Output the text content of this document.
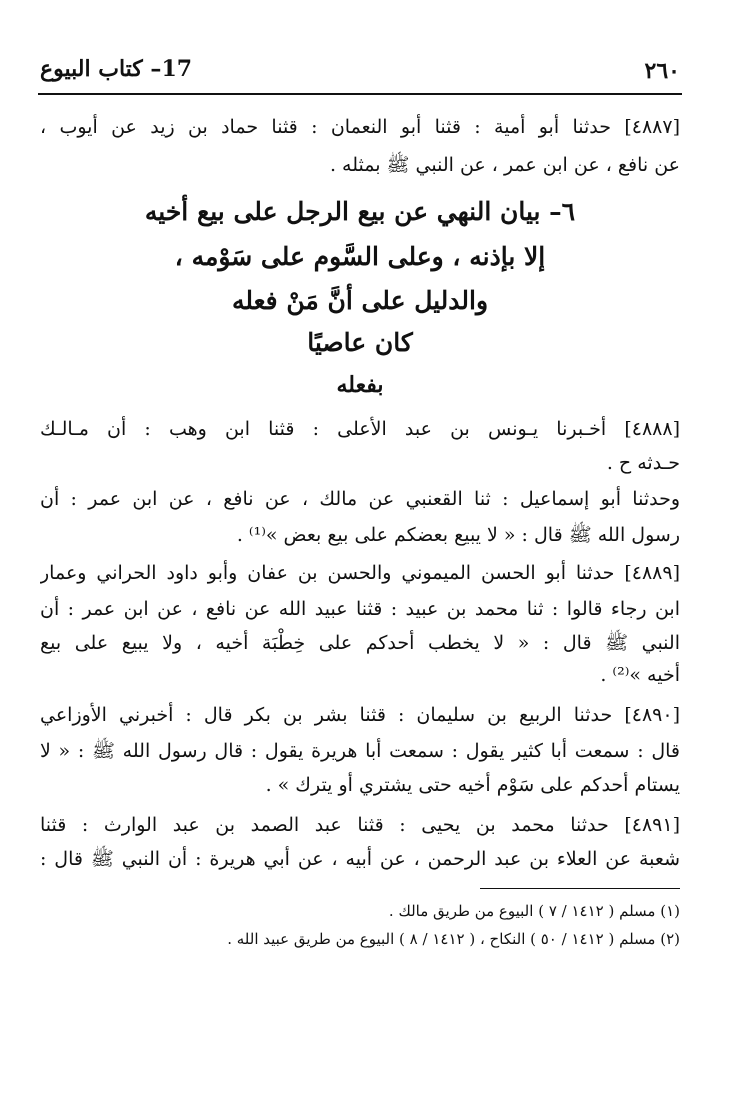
٢٦٠
17– كتاب البيوع
[٤٨٨٧] حدثنا أبو أمية : قثنا أبو النعمان : قثنا حماد بن زيد عن أيوب ،
عن نافع ، عن ابن عمر ، عن النبي ﷺ بمثله .
٦– بيان النهي عن بيع الرجل على بيع أخيه
إلا بإذنه ، وعلى السَّوم على سَوْمه ،
والدليل على أنَّ مَنْ فعله
كان عاصيًا
بفعله
[٤٨٨٨] أخـبرنا يـونس بن عبد الأعلى : قثنا ابن وهب : أن مـالـك
حـدثه ح .
وحدثنا أبو إسماعيل : ثنا القعنبي عن مالك ، عن نافع ، عن ابن عمر : أن
رسول الله ﷺ قال : « لا يبيع بعضكم على بيع بعض »⁽¹⁾ .
[٤٨٨٩] حدثنا أبو الحسن الميموني والحسن بن عفان وأبو داود الحراني وعمار
ابن رجاء قالوا : ثنا محمد بن عبيد : قثنا عبيد الله عن نافع ، عن ابن عمر : أن
النبي ﷺ قال : « لا يخطب أحدكم على خِطْبَة أخيه ، ولا يبيع على بيع
أخيه »⁽²⁾ .
[٤٨٩٠] حدثنا الربيع بن سليمان : قثنا بشر بن بكر قال : أخبرني الأوزاعي
قال : سمعت أبا كثير يقول : سمعت أبا هريرة يقول : قال رسول الله ﷺ : « لا
يستام أحدكم على سَوْم أخيه حتى يشتري أو يترك » .
[٤٨٩١] حدثنا محمد بن يحيى : قثنا عبد الصمد بن عبد الوارث : قثنا
شعبة عن العلاء بن عبد الرحمن ، عن أبيه ، عن أبي هريرة : أن النبي ﷺ قال :
(١) مسلم ( ١٤١٢ / ٧ ) البيوع من طريق مالك .
(٢) مسلم ( ١٤١٢ / ٥٠ ) النكاح ، ( ١٤١٢ / ٨ ) البيوع من طريق عبيد الله .
